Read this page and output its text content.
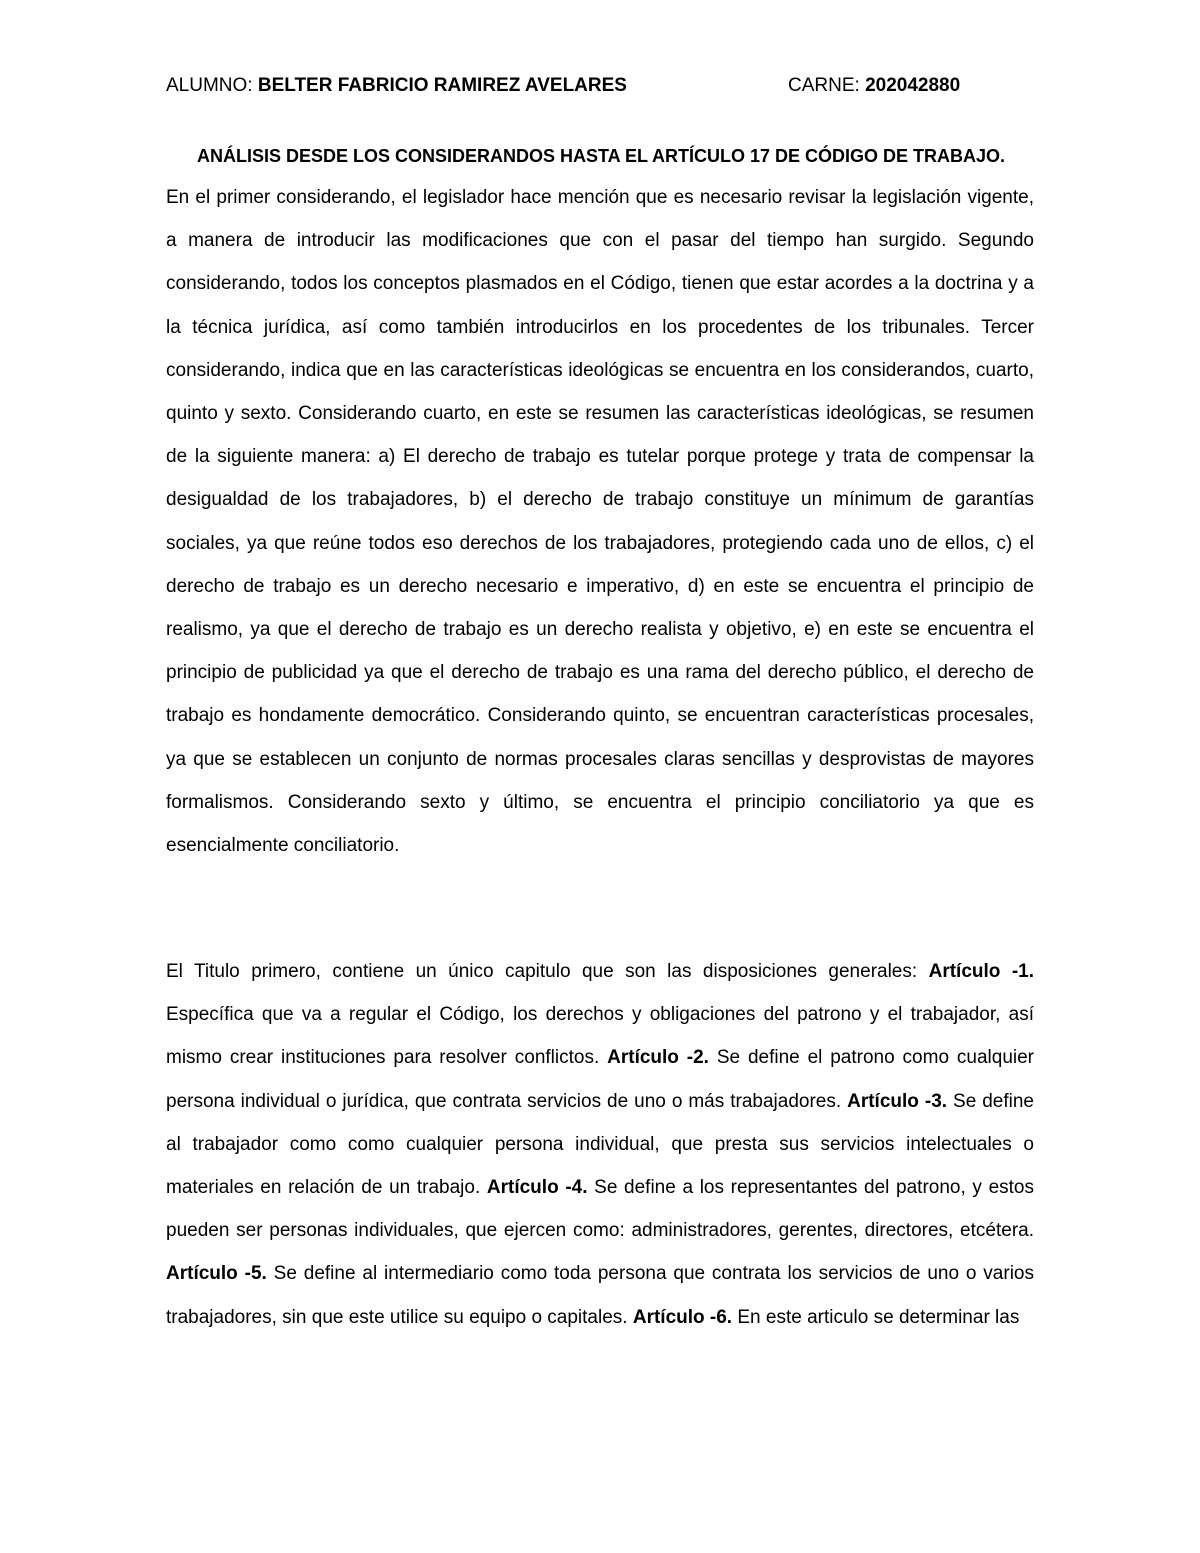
ALUMNO: BELTER FABRICIO RAMIREZ AVELARES	CARNE: 202042880
ANÁLISIS DESDE LOS CONSIDERANDOS HASTA EL ARTÍCULO 17 DE CÓDIGO DE TRABAJO.

En el primer considerando, el legislador hace mención que es necesario revisar la legislación vigente, a manera de introducir las modificaciones que con el pasar del tiempo han surgido. Segundo considerando, todos los conceptos plasmados en el Código, tienen que estar acordes a la doctrina y a la técnica jurídica, así como también introducirlos en los procedentes de los tribunales. Tercer considerando, indica que en las características ideológicas se encuentra en los considerandos, cuarto, quinto y sexto. Considerando cuarto, en este se resumen las características ideológicas, se resumen de la siguiente manera: a) El derecho de trabajo es tutelar porque protege y trata de compensar la desigualdad de los trabajadores, b) el derecho de trabajo constituye un mínimum de garantías sociales, ya que reúne todos eso derechos de los trabajadores, protegiendo cada uno de ellos, c) el derecho de trabajo es un derecho necesario e imperativo, d) en este se encuentra el principio de realismo, ya que el derecho de trabajo es un derecho realista y objetivo, e) en este se encuentra el principio de publicidad ya que el derecho de trabajo es una rama del derecho público, el derecho de trabajo es hondamente democrático. Considerando quinto, se encuentran características procesales, ya que se establecen un conjunto de normas procesales claras sencillas y desprovistas de mayores formalismos. Considerando sexto y último, se encuentra el principio conciliatorio ya que es esencialmente conciliatorio.

El Titulo primero, contiene un único capitulo que son las disposiciones generales: Artículo -1. Específica que va a regular el Código, los derechos y obligaciones del patrono y el trabajador, así mismo crear instituciones para resolver conflictos. Artículo -2. Se define el patrono como cualquier persona individual o jurídica, que contrata servicios de uno o más trabajadores. Artículo -3. Se define al trabajador como como cualquier persona individual, que presta sus servicios intelectuales o materiales en relación de un trabajo. Artículo -4. Se define a los representantes del patrono, y estos pueden ser personas individuales, que ejercen como: administradores, gerentes, directores, etcétera. Artículo -5. Se define al intermediario como toda persona que contrata los servicios de uno o varios trabajadores, sin que este utilice su equipo o capitales. Artículo -6. En este articulo se determinar las
